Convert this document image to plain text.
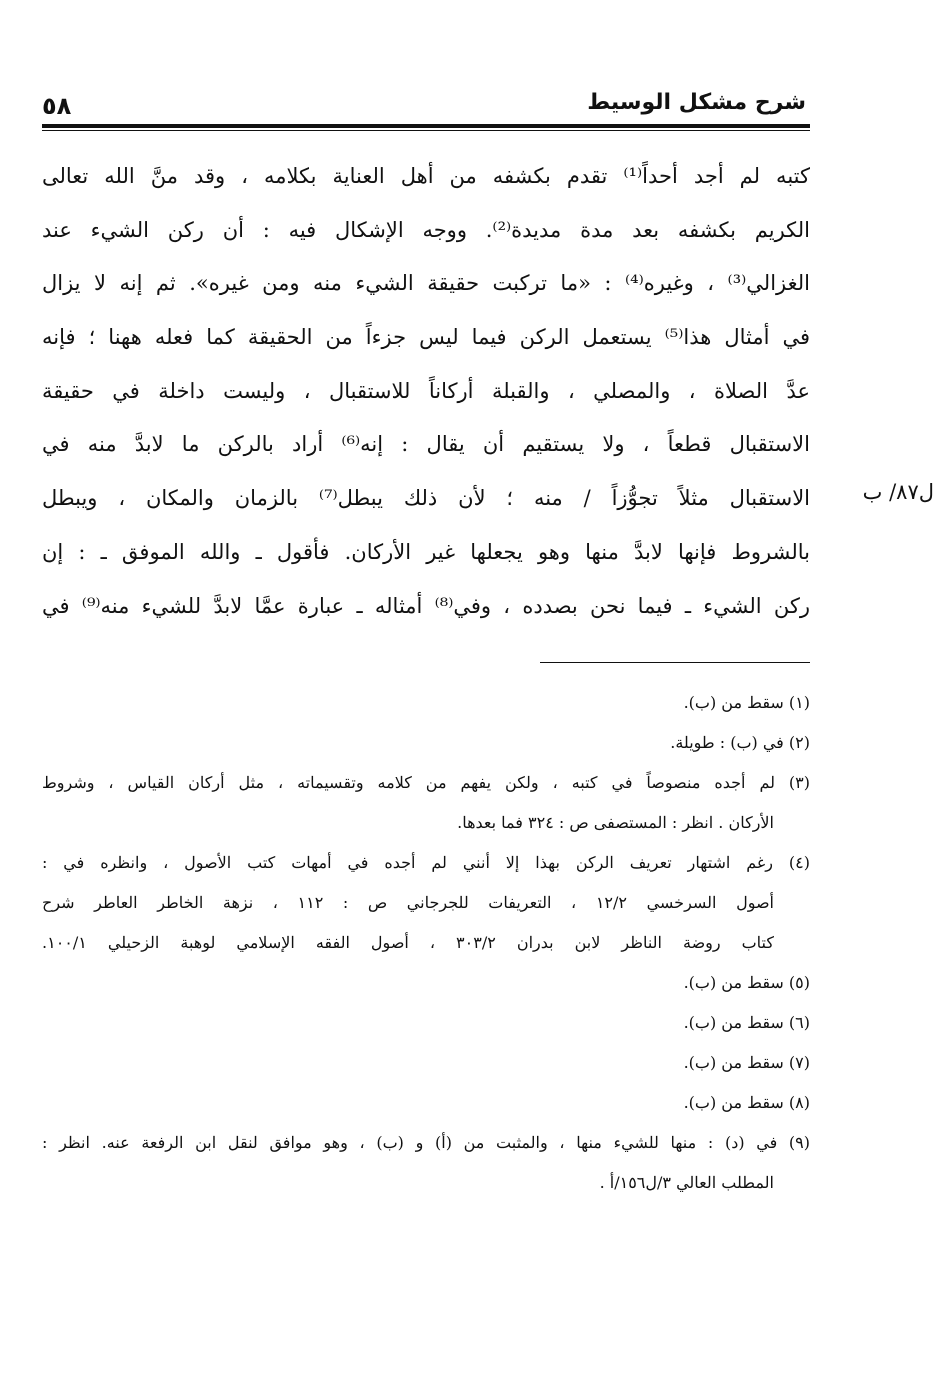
٥٨	شرح مشكل الوسيط
كتبه لم أجد أحداً⁽¹⁾ تقدم بكشفه من أهل العناية بكلامه ، وقد منَّ الله تعالى
الكريم بكشفه بعد مدة مديدة⁽²⁾. ووجه الإشكال فيه : أن ركن الشيء عند
الغزالي⁽³⁾ ، وغيره⁽⁴⁾ : «ما تركبت حقيقة الشيء منه ومن غيره». ثم إنه لا يزال
في أمثال هذا⁽⁵⁾ يستعمل الركن فيما ليس جزءاً من الحقيقة كما فعله ههنا ؛ فإنه
عدَّ الصلاة ، والمصلي ، والقبلة أركاناً للاستقبال ، وليست داخلة في حقيقة
الاستقبال قطعاً ، ولا يستقيم أن يقال : إنه⁽⁶⁾ أراد بالركن ما لابدَّ منه في
الاستقبال مثلاً تجوُّزاً / منه ؛ لأن ذلك يبطل⁽⁷⁾ بالزمان والمكان ، ويبطل
بالشروط فإنها لابدَّ منها وهو يجعلها غير الأركان. فأقول ـ والله الموفق ـ : إن
ركن الشيء ـ فيما نحن بصدده ، وفي⁽⁸⁾ أمثاله ـ عبارة عمَّا لابدَّ للشيء منه⁽⁹⁾ في
ل٨٧/ ب
(١) سقط من (ب).
(٢) في (ب) : طويلة.
(٣) لم أجده منصوصاً في كتبه ، ولكن يفهم من كلامه وتقسيماته ، مثل أركان القياس ، وشروط
الأركان . انظر : المستصفى ص : ٣٢٤ فما بعدها.
(٤) رغم اشتهار تعريف الركن بهذا إلا أنني لم أجده في أمهات كتب الأصول ، وانظره في :
أصول السرخسي ١٢/٢ ، التعريفات للجرجاني ص : ١١٢ ، نزهة الخاطر العاطر شرح
كتاب روضة الناظر لابن بدران ٣٠٣/٢ ، أصول الفقه الإسلامي لوهبة الزحيلي ١٠٠/١.
(٥) سقط من (ب).
(٦) سقط من (ب).
(٧) سقط من (ب).
(٨) سقط من (ب).
(٩) في (د) : منها للشيء منها ، والمثبت من (أ) و (ب) ، وهو موافق لنقل ابن الرفعة عنه. انظر :
المطلب العالي ٣/ل١٥٦/أ .
